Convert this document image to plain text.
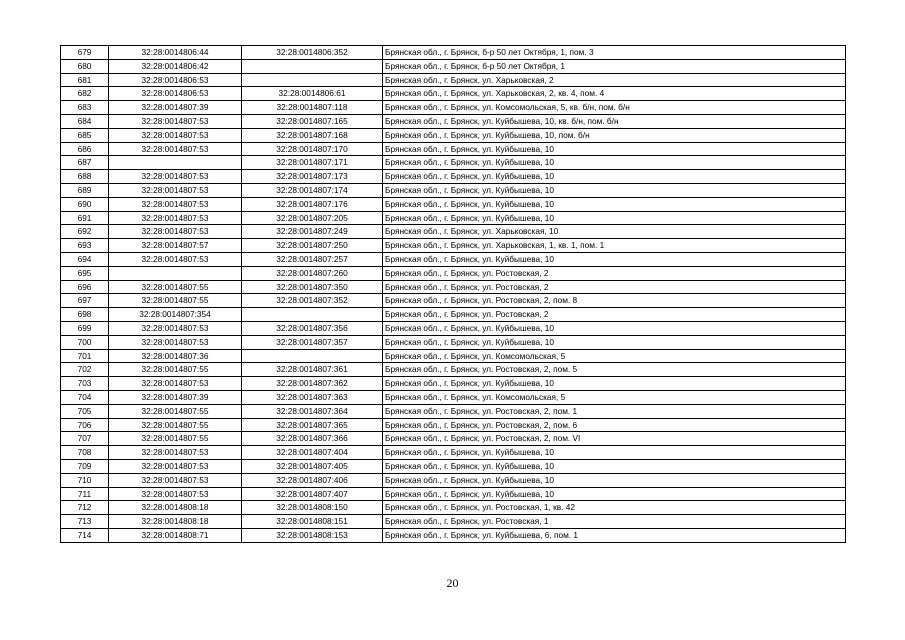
679	32:28:0014806:44	32:28:0014806:352	Брянская обл., г. Брянск, б-р 50 лет Октября, 1, пом. 3
680	32:28:0014806:42		Брянская обл., г. Брянск, б-р 50 лет Октября, 1
681	32:28:0014806:53		Брянская обл., г. Брянск, ул. Харьковская, 2
682	32:28:0014806:53	32:28:0014806:61	Брянская обл., г. Брянск, ул. Харьковская, 2, кв. 4, пом. 4
683	32:28:0014807:39	32:28:0014807:118	Брянская обл., г. Брянск, ул. Комсомольская, 5, кв. б/н, пом. б/н
684	32:28:0014807:53	32:28:0014807:165	Брянская обл., г. Брянск, ул. Куйбышева, 10, кв. б/н, пом. б/н
685	32:28:0014807:53	32:28:0014807:168	Брянская обл., г. Брянск, ул. Куйбышева, 10, пом. б/н
686	32:28:0014807:53	32:28:0014807:170	Брянская обл., г. Брянск, ул. Куйбышева, 10
687		32:28:0014807:171	Брянская обл., г. Брянск, ул. Куйбышева, 10
688	32:28:0014807:53	32:28:0014807:173	Брянская обл., г. Брянск, ул. Куйбышева, 10
689	32:28:0014807:53	32:28:0014807:174	Брянская обл., г. Брянск, ул. Куйбышева, 10
690	32:28:0014807:53	32:28:0014807:176	Брянская обл., г. Брянск, ул. Куйбышева, 10
691	32:28:0014807:53	32:28:0014807:205	Брянская обл., г. Брянск, ул. Куйбышева, 10
692	32:28:0014807:53	32:28:0014807:249	Брянская обл., г. Брянск, ул. Харьковская, 10
693	32:28:0014807:57	32:28:0014807:250	Брянская обл., г. Брянск, ул. Харьковская, 1, кв. 1, пом. 1
694	32:28:0014807:53	32:28:0014807:257	Брянская обл., г. Брянск, ул. Куйбышева, 10
695		32:28:0014807:260	Брянская обл., г. Брянск, ул. Ростовская, 2
696	32:28:0014807:55	32:28:0014807:350	Брянская обл., г. Брянск, ул. Ростовская, 2
697	32:28:0014807:55	32:28:0014807:352	Брянская обл., г. Брянск, ул. Ростовская, 2, пом. 8
698	32:28:0014807:354		Брянская обл., г. Брянск, ул. Ростовская, 2
699	32:28:0014807:53	32:28:0014807:356	Брянская обл., г. Брянск, ул. Куйбышева, 10
700	32:28:0014807:53	32:28:0014807:357	Брянская обл., г. Брянск, ул. Куйбышева, 10
701	32:28:0014807:36		Брянская обл., г. Брянск, ул. Комсомольская, 5
702	32:28:0014807:55	32:28:0014807:361	Брянская обл., г. Брянск, ул. Ростовская, 2, пом. 5
703	32:28:0014807:53	32:28:0014807:362	Брянская обл., г. Брянск, ул. Куйбышева, 10
704	32:28:0014807:39	32:28:0014807:363	Брянская обл., г. Брянск, ул. Комсомольская, 5
705	32:28:0014807:55	32:28:0014807:364	Брянская обл., г. Брянск, ул. Ростовская, 2, пом. 1
706	32:28:0014807:55	32:28:0014807:365	Брянская обл., г. Брянск, ул. Ростовская, 2, пом. 6
707	32:28:0014807:55	32:28:0014807:366	Брянская обл., г. Брянск, ул. Ростовская, 2, пом. VI
708	32:28:0014807:53	32:28:0014807:404	Брянская обл., г. Брянск, ул. Куйбышева, 10
709	32:28:0014807:53	32:28:0014807:405	Брянская обл., г. Брянск, ул. Куйбышева, 10
710	32:28:0014807:53	32:28:0014807:406	Брянская обл., г. Брянск, ул. Куйбышева, 10
711	32:28:0014807:53	32:28:0014807:407	Брянская обл., г. Брянск, ул. Куйбышева, 10
712	32:28:0014808:18	32:28:0014808:150	Брянская обл., г. Брянск, ул. Ростовская, 1, кв. 42
713	32:28:0014808:18	32:28:0014808:151	Брянская обл., г. Брянск, ул. Ростовская, 1
714	32:28:0014808:71	32:28:0014808:153	Брянская обл., г. Брянск, ул. Куйбышева, 6, пом. 1
20
